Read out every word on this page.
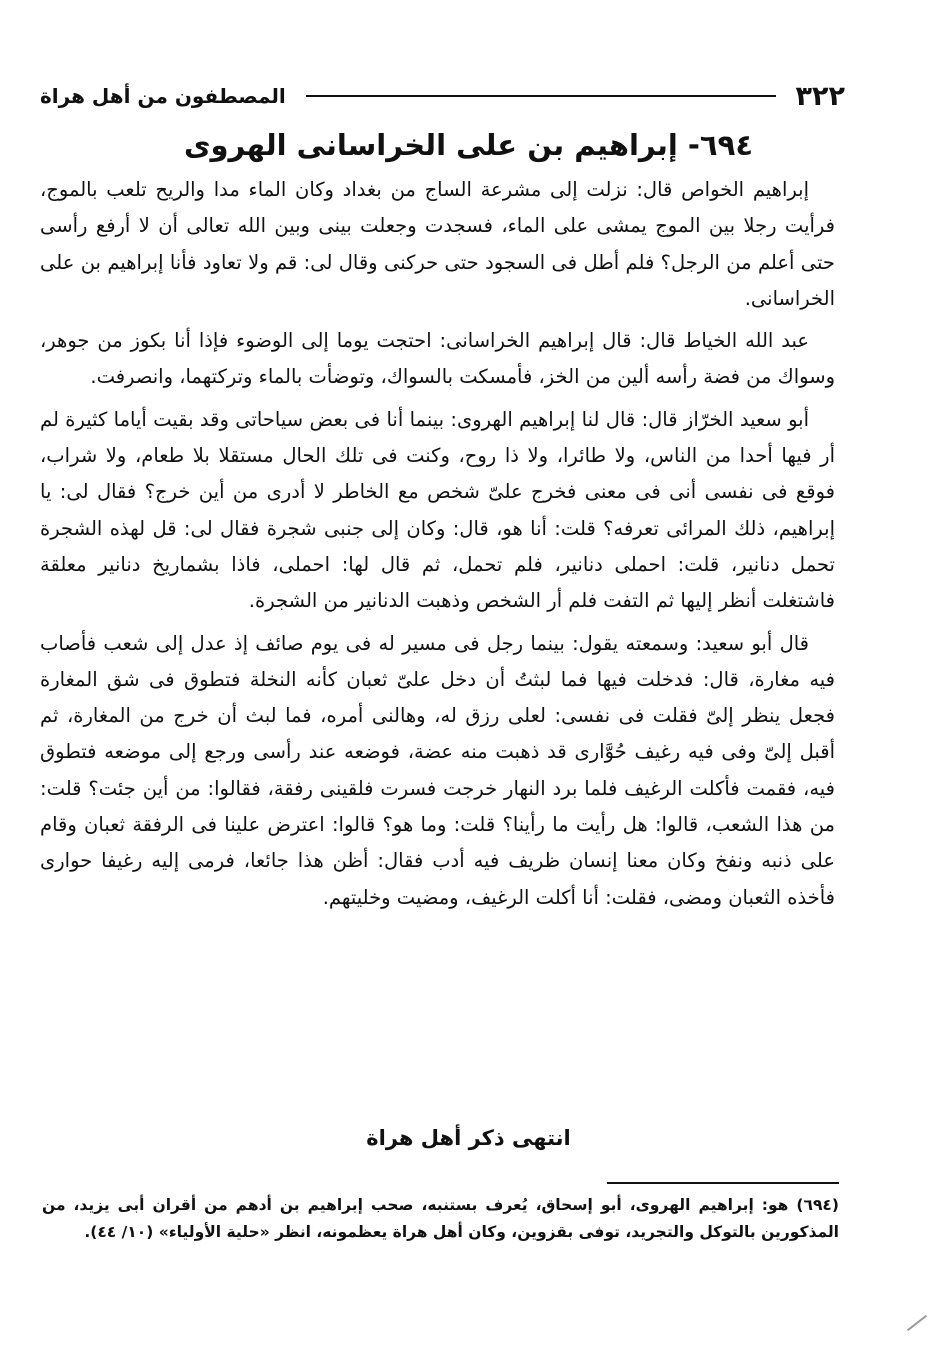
٣٢٢
المصطفون من أهل هراة
٦٩٤- إبراهيم بن على الخراسانى الهروى

إبراهيم الخواص قال: نزلت إلى مشرعة الساج من بغداد وكان الماء مدا والريح تلعب بالموج، فرأيت رجلا بين الموج يمشى على الماء، فسجدت وجعلت بينى وبين الله تعالى أن لا أرفع رأسى حتى أعلم من الرجل؟ فلم أطل فى السجود حتى حركنى وقال لى: قم ولا تعاود فأنا إبراهيم بن على الخراسانى.

عبد الله الخياط قال: قال إبراهيم الخراسانى: احتجت يوما إلى الوضوء فإذا أنا بكوز من جوهر، وسواك من فضة رأسه ألين من الخز، فأمسكت بالسواك، وتوضأت بالماء وتركتهما، وانصرفت.

أبو سعيد الخرّاز قال: قال لنا إبراهيم الهروى: بينما أنا فى بعض سياحاتى وقد بقيت أياما كثيرة لم أر فيها أحدا من الناس، ولا طائرا، ولا ذا روح، وكنت فى تلك الحال مستقلا بلا طعام، ولا شراب، فوقع فى نفسى أنى فى معنى فخرج علىّ شخص مع الخاطر لا أدرى من أين خرج؟ فقال لى: يا إبراهيم، ذلك المرائى تعرفه؟ قلت: أنا هو، قال: وكان إلى جنبى شجرة فقال لى: قل لهذه الشجرة تحمل دنانير، قلت: احملى دنانير، فلم تحمل، ثم قال لها: احملى، فاذا بشماريخ دنانير معلقة فاشتغلت أنظر إليها ثم التفت فلم أر الشخص وذهبت الدنانير من الشجرة.

قال أبو سعيد: وسمعته يقول: بينما رجل فى مسير له فى يوم صائف إذ عدل إلى شعب فأصاب فيه مغارة، قال: فدخلت فيها فما لبثتُ أن دخل علىّ ثعبان كأنه النخلة فتطوق فى شق المغارة فجعل ينظر إلىّ فقلت فى نفسى: لعلى رزق له، وهالنى أمره، فما لبث أن خرج من المغارة، ثم أقبل إلىّ وفى فيه رغيف حُوَّارى قد ذهبت منه عضة، فوضعه عند رأسى ورجع إلى موضعه فتطوق فيه، فقمت فأكلت الرغيف فلما برد النهار خرجت فسرت فلقينى رفقة، فقالوا: من أين جئت؟ قلت: من هذا الشعب، قالوا: هل رأيت ما رأينا؟ قلت: وما هو؟ قالوا: اعترض علينا فى الرفقة ثعبان وقام على ذنبه ونفخ وكان معنا إنسان ظريف فيه أدب فقال: أظن هذا جائعا، فرمى إليه رغيفا حوارى فأخذه الثعبان ومضى، فقلت: أنا أكلت الرغيف، ومضيت وخليتهم.

انتهى ذكر أهل هراة
(٦٩٤) هو: إبراهيم الهروى، أبو إسحاق، يُعرف بستنبه، صحب إبراهيم بن أدهم من أقران أبى يزيد، من المذكورين بالتوكل والتجريد، توفى بقزوين، وكان أهل هراة يعظمونه، انظر «حلية الأولياء» (١٠/ ٤٤).
